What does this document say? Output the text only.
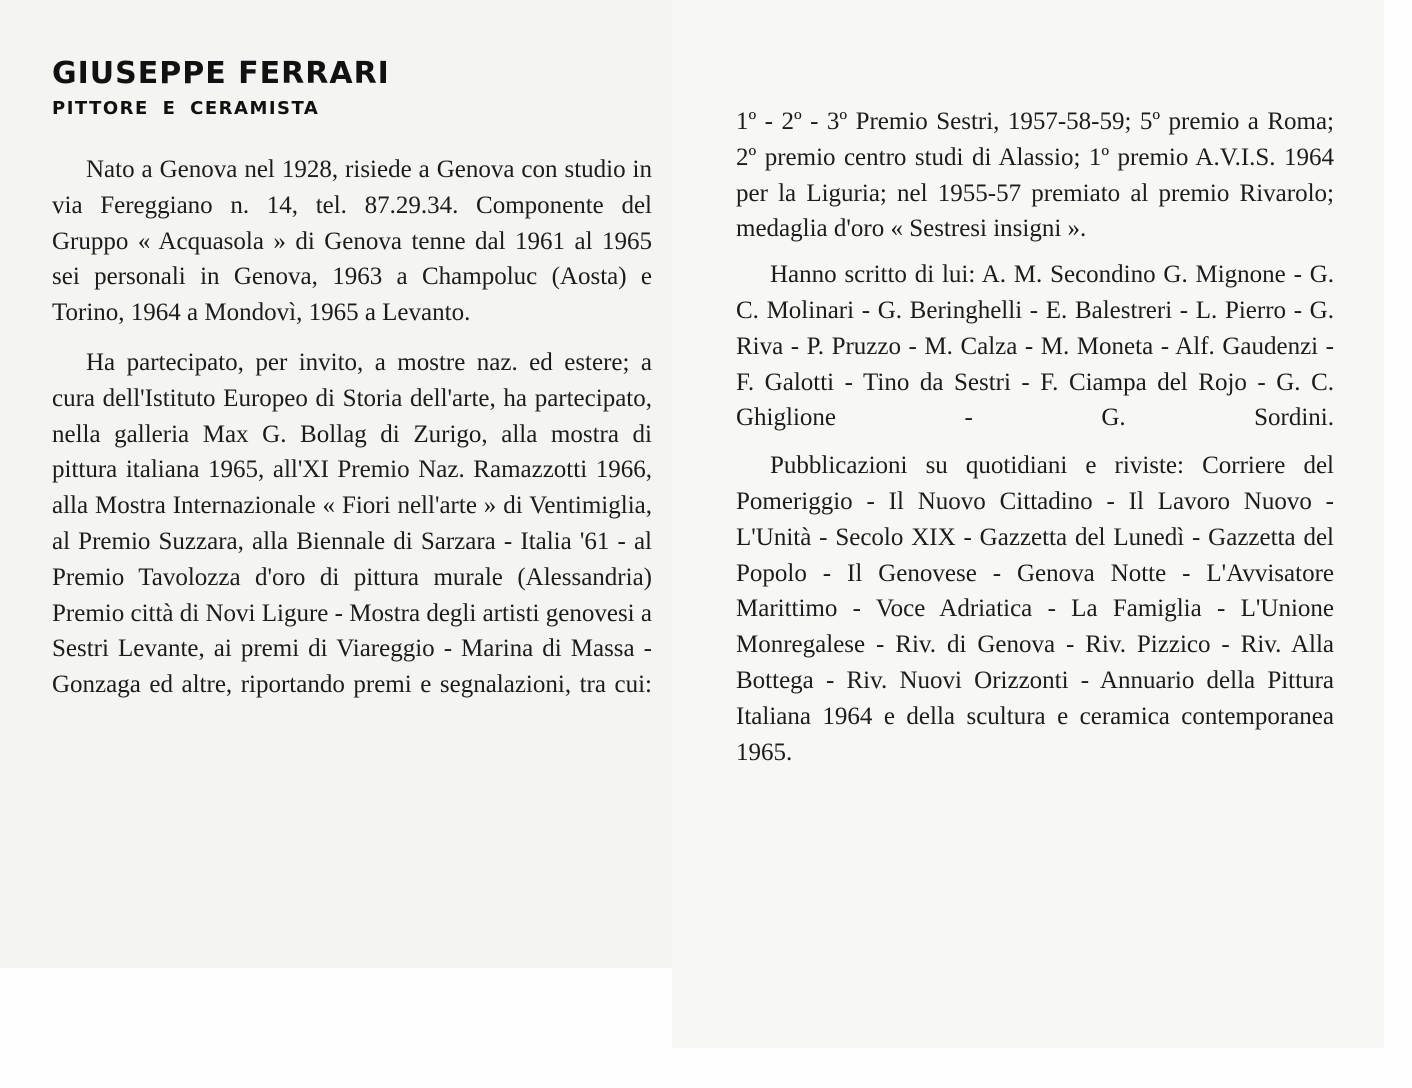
GIUSEPPE FERRARI
PITTORE E CERAMISTA

Nato a Genova nel 1928, risiede a Genova con studio in via Fereggiano n. 14, tel. 87.29.34. Componente del Gruppo « Acquasola » di Genova tenne dal 1961 al 1965 sei personali in Genova, 1963 a Champoluc (Aosta) e Torino, 1964 a Mondovì, 1965 a Levanto.

Ha partecipato, per invito, a mostre naz. ed estere; a cura dell'Istituto Europeo di Storia dell'arte, ha partecipato, nella galleria Max G. Bollag di Zurigo, alla mostra di pittura italiana 1965, all'XI Premio Naz. Ramazzotti 1966, alla Mostra Internazionale « Fiori nell'arte » di Ventimiglia, al Premio Suzzara, alla Biennale di Sarzara - Italia '61 - al Premio Tavolozza d'oro di pittura murale (Alessandria) Premio città di Novi Ligure - Mostra degli artisti genovesi a Sestri Levante, ai premi di Viareggio - Marina di Massa - Gonzaga ed altre, riportando premi e segnalazioni, tra cui:

1º - 2º - 3º Premio Sestri, 1957-58-59; 5º premio a Roma; 2º premio centro studi di Alassio; 1º premio A.V.I.S. 1964 per la Liguria; nel 1955-57 premiato al premio Rivarolo; medaglia d'oro « Sestresi insigni ».

Hanno scritto di lui: A. M. Secondino G. Mignone - G. C. Molinari - G. Beringhelli - E. Balestreri - L. Pierro - G. Riva - P. Pruzzo - M. Calza - M. Moneta - Alf. Gaudenzi - F. Galotti - Tino da Sestri - F. Ciampa del Rojo - G. C. Ghiglione - G. Sordini.

Pubblicazioni su quotidiani e riviste: Corriere del Pomeriggio - Il Nuovo Cittadino - Il Lavoro Nuovo - L'Unità - Secolo XIX - Gazzetta del Lunedì - Gazzetta del Popolo - Il Genovese - Genova Notte - L'Avvisatore Marittimo - Voce Adriatica - La Famiglia - L'Unione Monregalese - Riv. di Genova - Riv. Pizzico - Riv. Alla Bottega - Riv. Nuovi Orizzonti - Annuario della Pittura Italiana 1964 e della scultura e ceramica contemporanea 1965.
